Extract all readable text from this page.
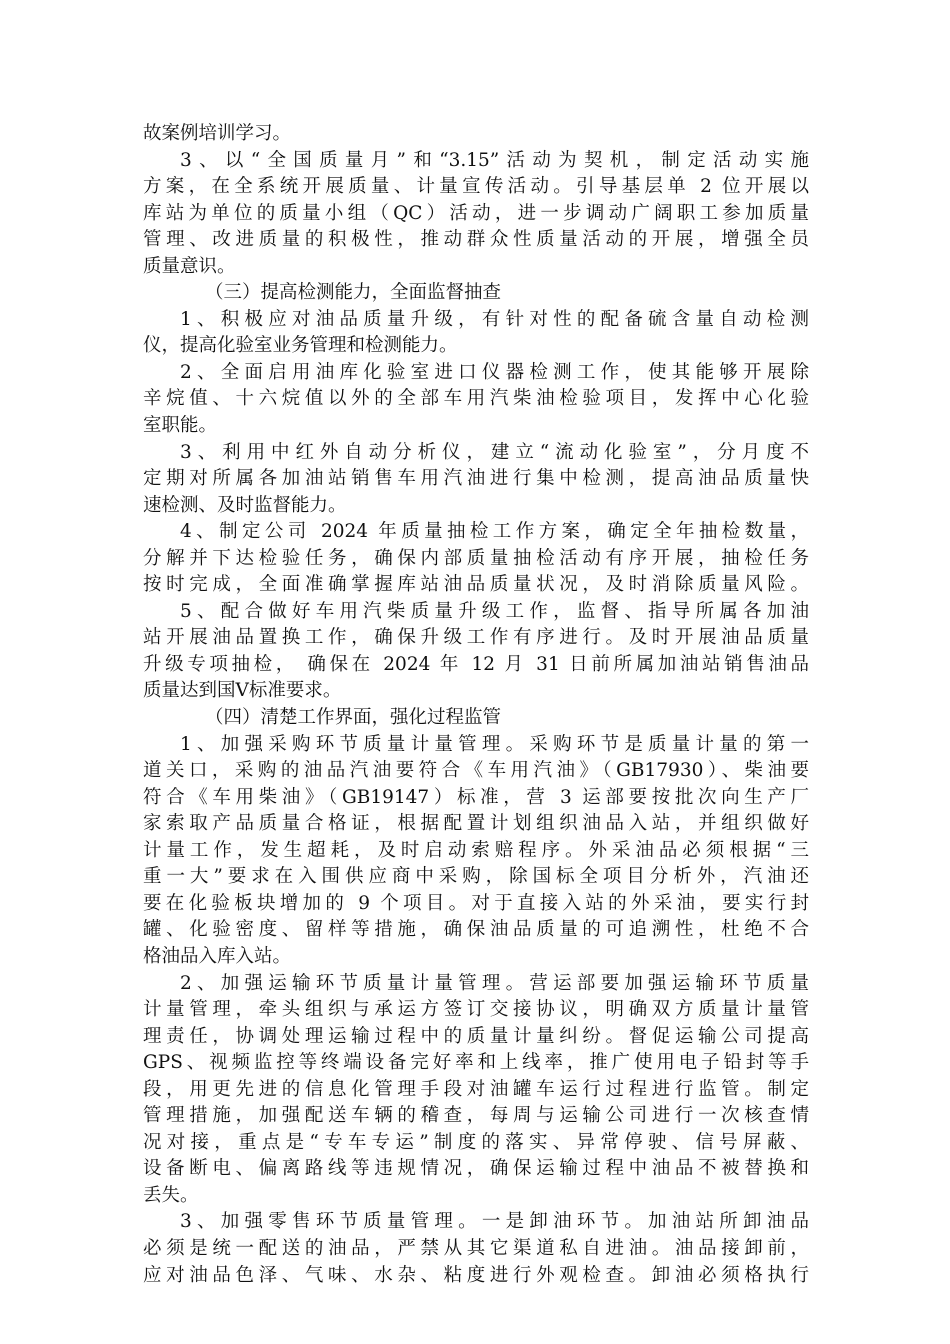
故案例培训学习。
3、以“全国质量月”和“3.15”活动为契机，制定活动实施
方案，在全系统开展质量、计量宣传活动。引导基层单 2 位开展以
库站为单位的质量小组（QC）活动，进一步调动广阔职工参加质量
管理、改进质量的积极性，推动群众性质量活动的开展，增强全员
质量意识。
（三）提高检测能力，全面监督抽查
1、积极应对油品质量升级，有针对性的配备硫含量自动检测
仪，提高化验室业务管理和检测能力。
2、全面启用油库化验室进口仪器检测工作，使其能够开展除
辛烷值、十六烷值以外的全部车用汽柴油检验项目，发挥中心化验
室职能。
3、利用中红外自动分析仪，建立“流动化验室”，分月度不
定期对所属各加油站销售车用汽油进行集中检测，提高油品质量快
速检测、及时监督能力。
4、制定公司 2024 年质量抽检工作方案，确定全年抽检数量，
分解并下达检验任务，确保内部质量抽检活动有序开展，抽检任务
按时完成，全面准确掌握库站油品质量状况，及时消除质量风险。
5、配合做好车用汽柴质量升级工作，监督、指导所属各加油
站开展油品置换工作，确保升级工作有序进行。及时开展油品质量
升级专项抽检， 确保在 2024 年 12 月 31 日前所属加油站销售油品
质量达到国Ⅴ标准要求。
（四）清楚工作界面，强化过程监管
1、加强采购环节质量计量管理。采购环节是质量计量的第一
道关口，采购的油品汽油要符合《车用汽油》（GB17930）、柴油要
符合《车用柴油》（GB19147）标准，营 3 运部要按批次向生产厂
家索取产品质量合格证，根据配置计划组织油品入站，并组织做好
计量工作，发生超耗，及时启动索赔程序。外采油品必须根据“三
重一大”要求在入围供应商中采购，除国标全项目分析外，汽油还
要在化验板块增加的 9 个项目。对于直接入站的外采油，要实行封
罐、化验密度、留样等措施，确保油品质量的可追溯性，杜绝不合
格油品入库入站。
2、加强运输环节质量计量管理。营运部要加强运输环节质量
计量管理，牵头组织与承运方签订交接协议，明确双方质量计量管
理责任，协调处理运输过程中的质量计量纠纷。督促运输公司提高
GPS、视频监控等终端设备完好率和上线率，推广使用电子铅封等手
段，用更先进的信息化管理手段对油罐车运行过程进行监管。制定
管理措施，加强配送车辆的稽查，每周与运输公司进行一次核查情
况对接，重点是“专车专运”制度的落实、异常停驶、信号屏蔽、
设备断电、偏离路线等违规情况，确保运输过程中油品不被替换和
丢失。
3、加强零售环节质量管理。一是卸油环节。加油站所卸油品
必须是统一配送的油品，严禁从其它渠道私自进油。油品接卸前，
应对油品色泽、气味、水杂、粘度进行外观检查。卸油必须格执行
